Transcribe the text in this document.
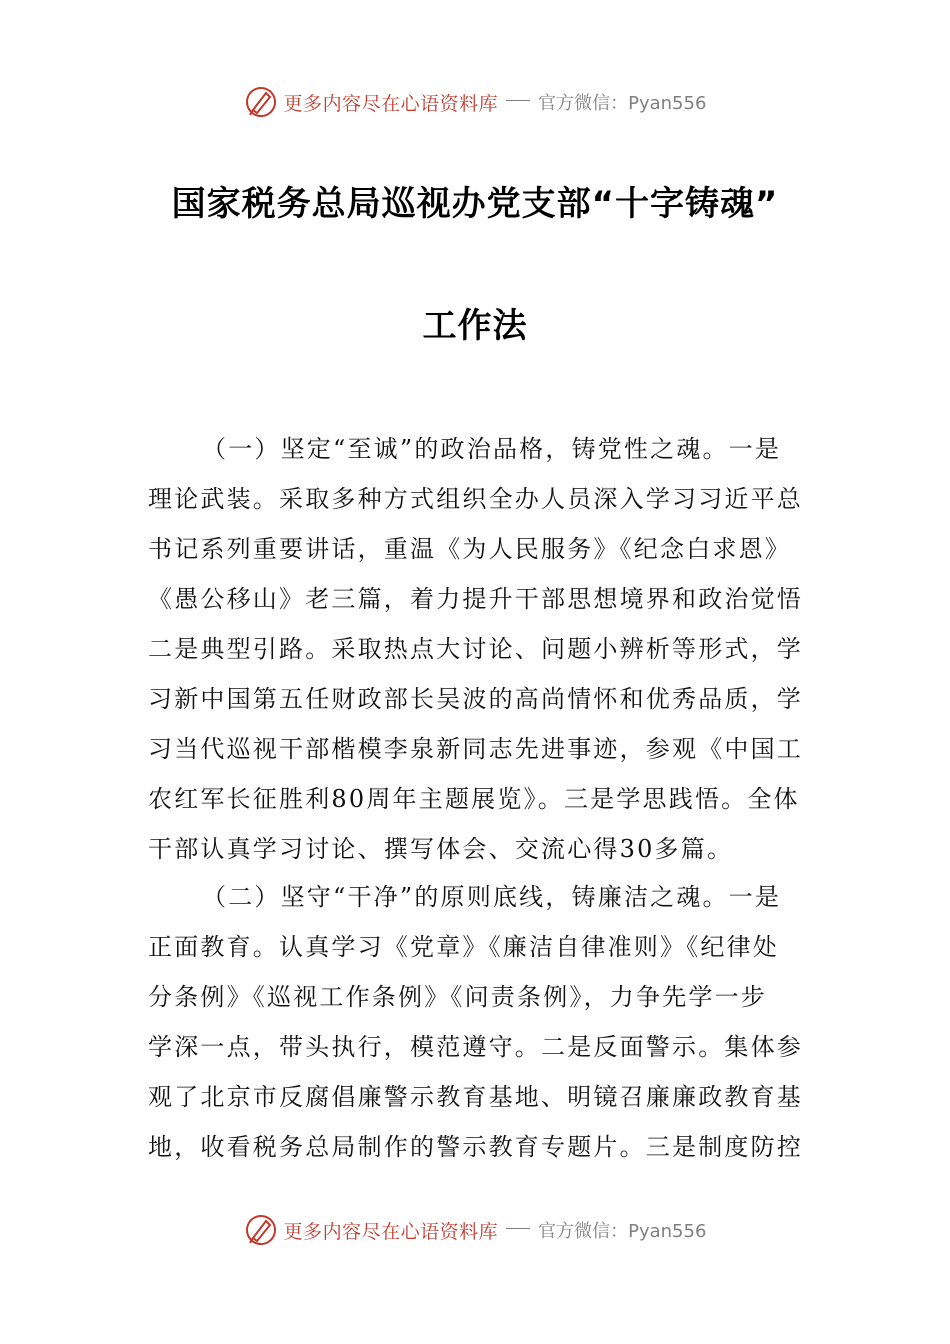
更多内容尽在心语资料库 官方微信：Pyan556
国家税务总局巡视办党支部“十字铸魂”
工作法
（一）坚定“至诚”的政治品格，铸党性之魂。一是
理论武装。采取多种方式组织全办人员深入学习习近平总
书记系列重要讲话，重温《为人民服务》《纪念白求恩》
《愚公移山》老三篇，着力提升干部思想境界和政治觉悟
二是典型引路。采取热点大讨论、问题小辨析等形式，学
习新中国第五任财政部长吴波的高尚情怀和优秀品质，学
习当代巡视干部楷模李泉新同志先进事迹，参观《中国工
农红军长征胜利80周年主题展览》。三是学思践悟。全体
干部认真学习讨论、撰写体会、交流心得30多篇。
（二）坚守“干净”的原则底线，铸廉洁之魂。一是
正面教育。认真学习《党章》《廉洁自律准则》《纪律处
分条例》《巡视工作条例》《问责条例》，力争先学一步
学深一点，带头执行，模范遵守。二是反面警示。集体参
观了北京市反腐倡廉警示教育基地、明镜召廉廉政教育基
地，收看税务总局制作的警示教育专题片。三是制度防控
更多内容尽在心语资料库 官方微信：Pyan556
